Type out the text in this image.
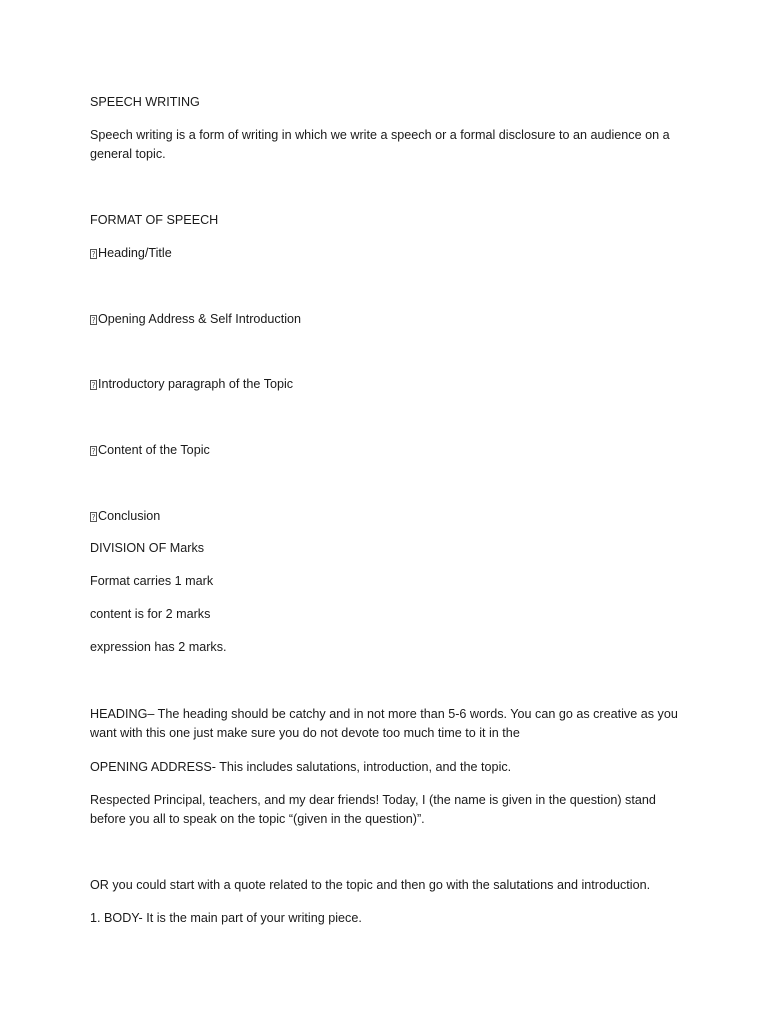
SPEECH WRITING

Speech writing is a form of writing in which we write a speech or a formal disclosure to an audience on a general topic.

FORMAT OF SPEECH

? Heading/Title

? Opening Address & Self Introduction

? Introductory paragraph of the Topic

? Content of the Topic

? Conclusion

DIVISION OF Marks

Format carries 1 mark

content is for 2 marks

expression has 2 marks.

HEADING– The heading should be catchy and in not more than 5-6 words. You can go as creative as you want with this one just make sure you do not devote too much time to it in the

OPENING ADDRESS- This includes salutations, introduction, and the topic.

Respected Principal, teachers, and my dear friends! Today, I (the name is given in the question) stand before you all to speak on the topic “(given in the question)”.

OR you could start with a quote related to the topic and then go with the salutations and introduction.

1. BODY- It is the main part of your writing piece.
